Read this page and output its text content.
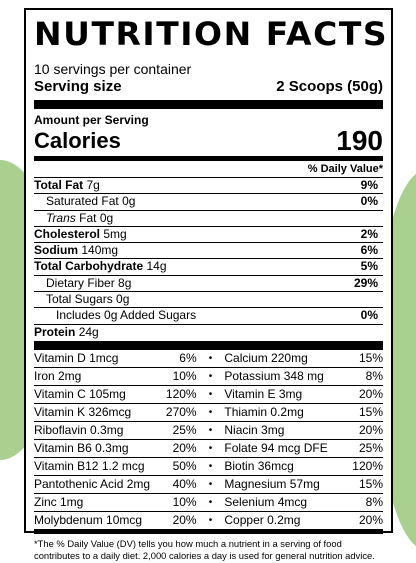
NUTRITION FACTS
10 servings per container
Serving size	2 Scoops (50g)
Amount per Serving
Calories	190
% Daily Value*
Total Fat 7g	9%
Saturated Fat 0g	0%
Trans Fat 0g
Cholesterol 5mg	2%
Sodium 140mg	6%
Total Carbohydrate 14g	5%
Dietary Fiber 8g	29%
Total Sugars 0g
Includes 0g Added Sugars	0%
Protein 24g
Vitamin D 1mcg	6%	•	Calcium 220mg	15%
Iron 2mg	10%	•	Potassium 348 mg	8%
Vitamin C 105mg	120%	•	Vitamin E 3mg	20%
Vitamin K 326mcg	270%	•	Thiamin 0.2mg	15%
Riboflavin 0.3mg	25%	•	Niacin 3mg	20%
Vitamin B6 0.3mg	20%	•	Folate 94 mcg DFE	25%
Vitamin B12 1.2 mcg	50%	•	Biotin 36mcg	120%
Pantothenic Acid 2mg	40%	•	Magnesium 57mg	15%
Zinc 1mg	10%	•	Selenium 4mcg	8%
Molybdenum 10mcg	20%	•	Copper 0.2mg	20%
*The % Daily Value (DV) tells you how much a nutrient in a serving of food contributes to a daily diet. 2,000 calories a day is used for general nutrition advice.
